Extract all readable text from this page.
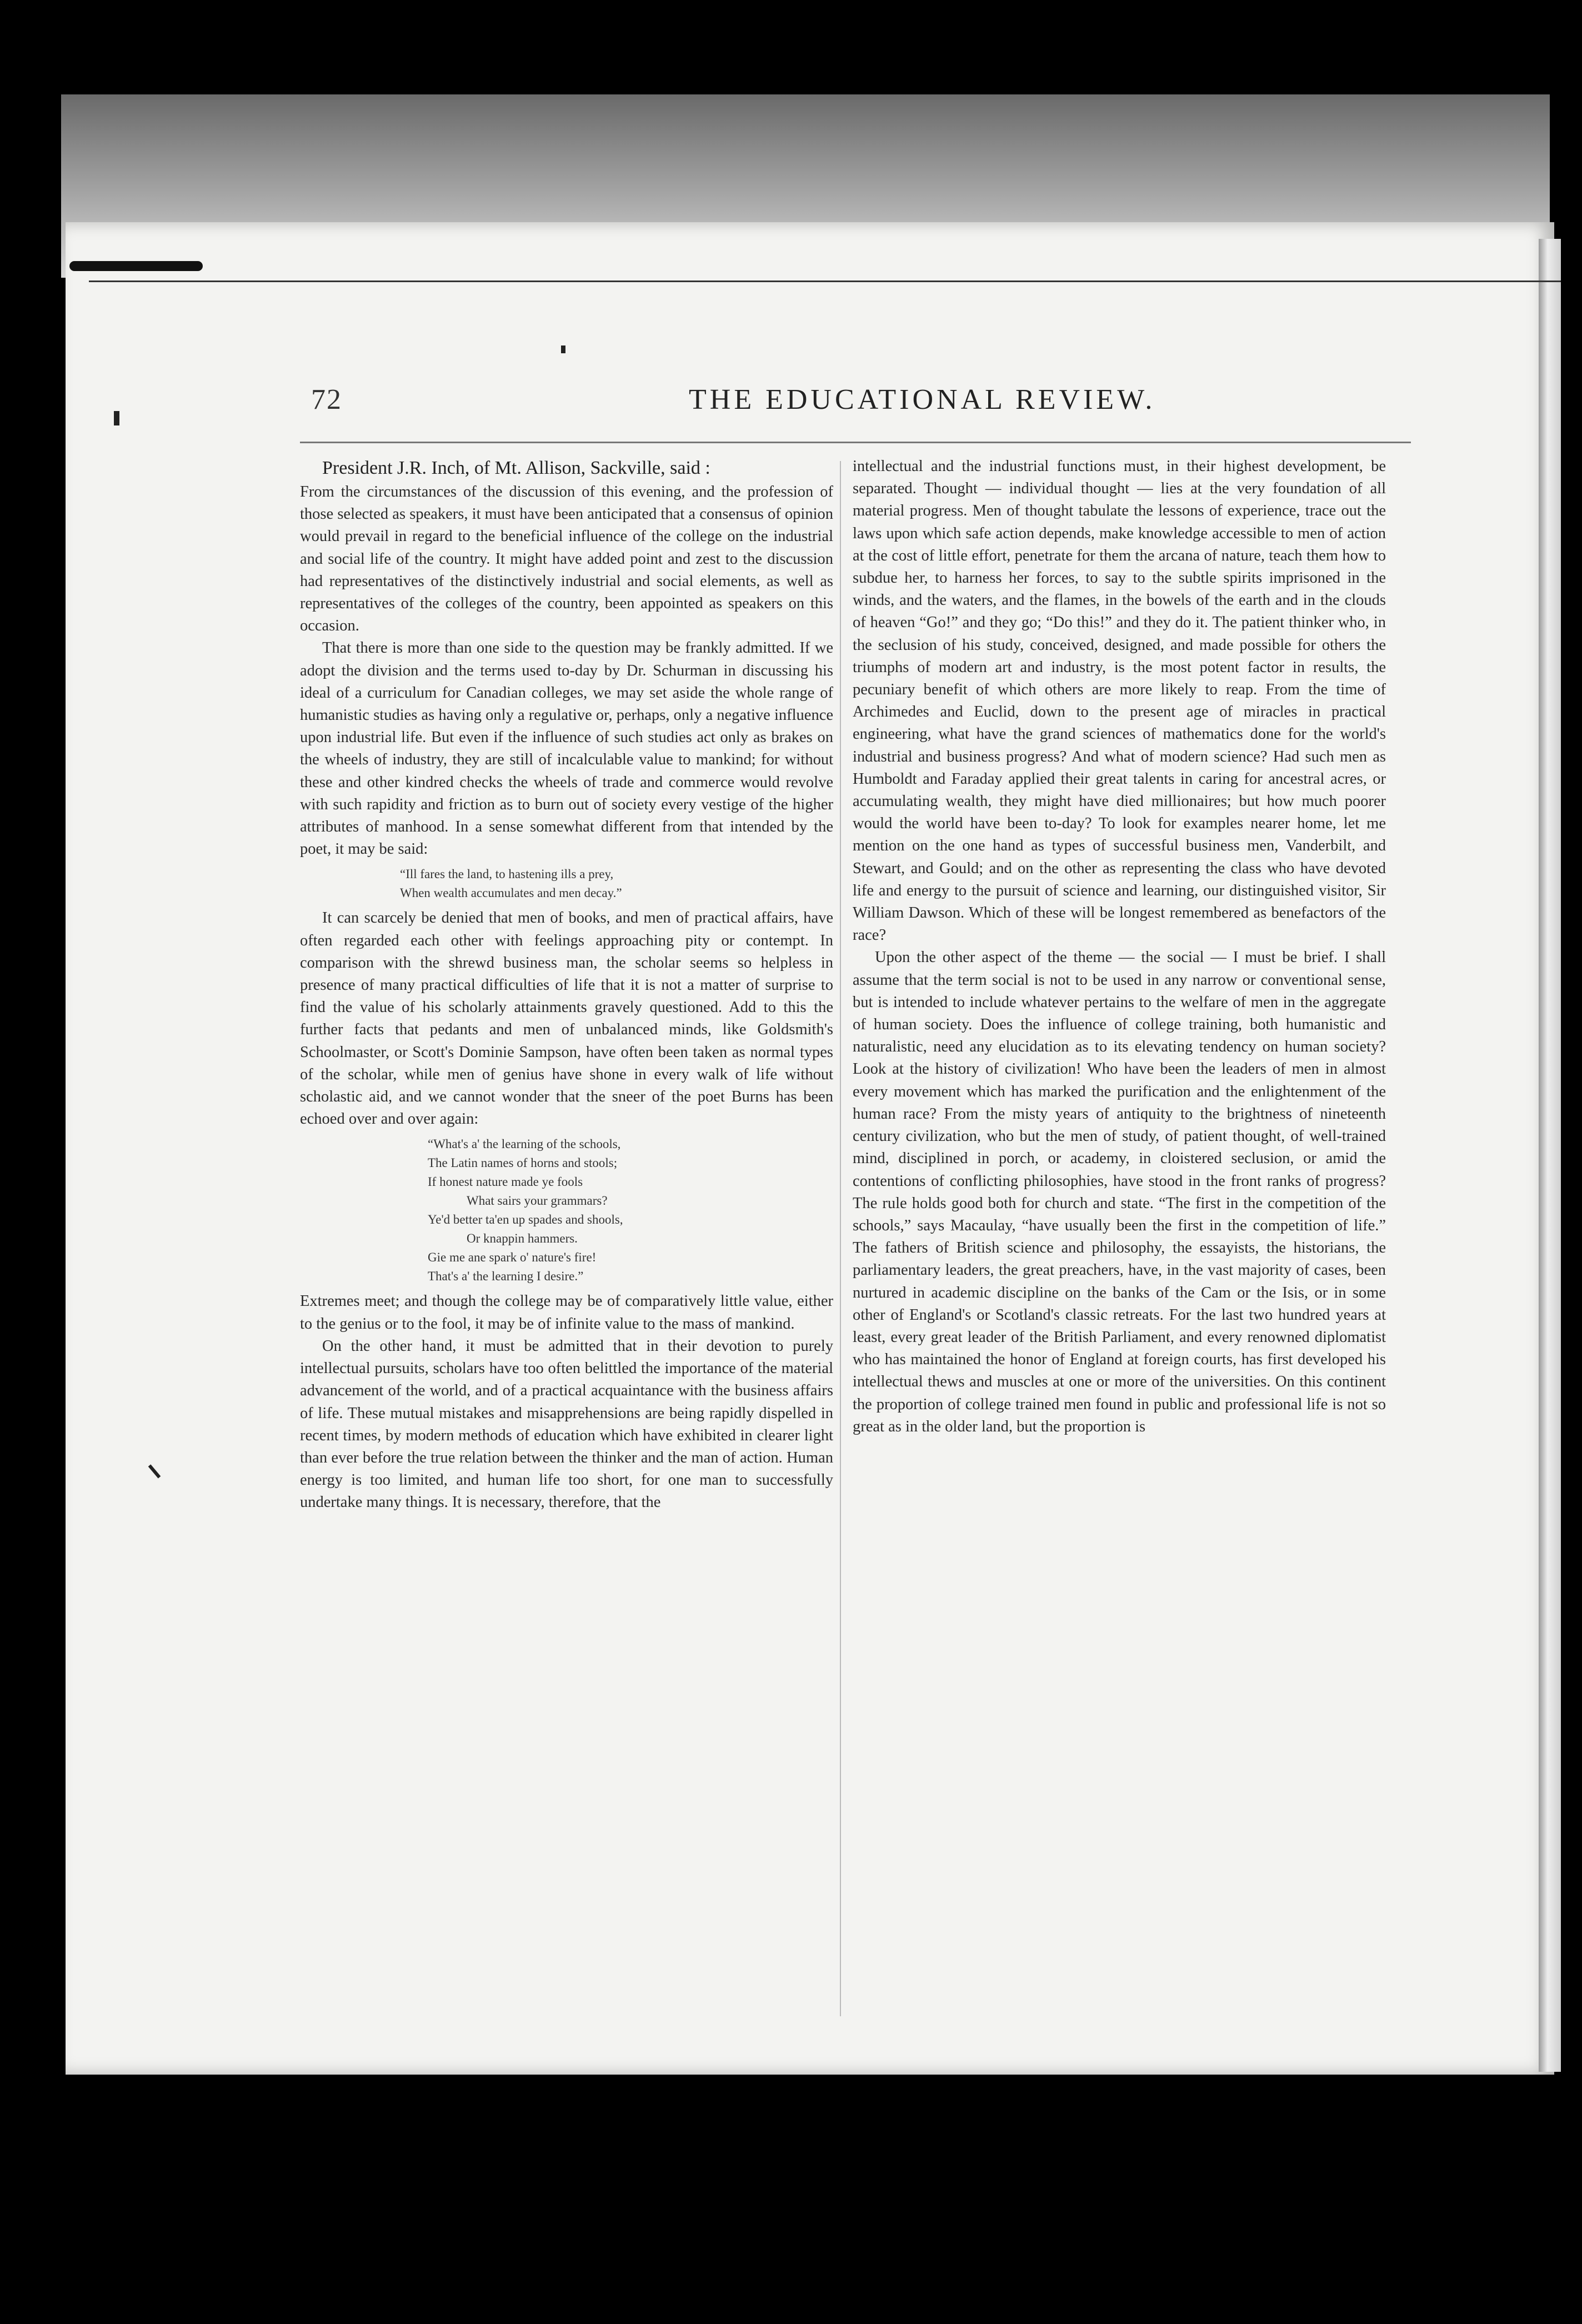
72	THE EDUCATIONAL REVIEW.

President J.R. Inch, of Mt. Allison, Sackville, said :

From the circumstances of the discussion of this evening, and the profession of those selected as speakers, it must have been anticipated that a consensus of opinion would prevail in regard to the beneficial influence of the college on the industrial and social life of the country. It might have added point and zest to the discussion had representatives of the distinctively industrial and social elements, as well as representatives of the colleges of the country, been appointed as speakers on this occasion.

That there is more than one side to the question may be frankly admitted. If we adopt the division and the terms used to-day by Dr. Schurman in discussing his ideal of a curriculum for Canadian colleges, we may set aside the whole range of humanistic studies as having only a regulative or, perhaps, only a negative influence upon industrial life. But even if the influence of such studies act only as brakes on the wheels of industry, they are still of incalculable value to mankind; for without these and other kindred checks the wheels of trade and commerce would revolve with such rapidity and friction as to burn out of society every vestige of the higher attributes of manhood. In a sense somewhat different from that intended by the poet, it may be said:

“Ill fares the land, to hastening ills a prey,
When wealth accumulates and men decay.”

It can scarcely be denied that men of books, and men of practical affairs, have often regarded each other with feelings approaching pity or contempt. In comparison with the shrewd business man, the scholar seems so helpless in presence of many practical difficulties of life that it is not a matter of surprise to find the value of his scholarly attainments gravely questioned. Add to this the further facts that pedants and men of unbalanced minds, like Goldsmith's Schoolmaster, or Scott's Dominie Sampson, have often been taken as normal types of the scholar, while men of genius have shone in every walk of life without scholastic aid, and we cannot wonder that the sneer of the poet Burns has been echoed over and over again:

“What's a' the learning of the schools,
The Latin names of horns and stools;
If honest nature made ye fools
What sairs your grammars?
Ye'd better ta'en up spades and shools,
Or knappin hammers.
Gie me ane spark o' nature's fire!
That's a' the learning I desire.”

Extremes meet; and though the college may be of comparatively little value, either to the genius or to the fool, it may be of infinite value to the mass of mankind.

On the other hand, it must be admitted that in their devotion to purely intellectual pursuits, scholars have too often belittled the importance of the material advancement of the world, and of a practical acquaintance with the business affairs of life. These mutual mistakes and misapprehensions are being rapidly dispelled in recent times, by modern methods of education which have exhibited in clearer light than ever before the true relation between the thinker and the man of action. Human energy is too limited, and human life too short, for one man to successfully undertake many things. It is necessary, therefore, that the

intellectual and the industrial functions must, in their highest development, be separated. Thought — individual thought — lies at the very foundation of all material progress. Men of thought tabulate the lessons of experience, trace out the laws upon which safe action depends, make knowledge accessible to men of action at the cost of little effort, penetrate for them the arcana of nature, teach them how to subdue her, to harness her forces, to say to the subtle spirits imprisoned in the winds, and the waters, and the flames, in the bowels of the earth and in the clouds of heaven “Go!” and they go; “Do this!” and they do it. The patient thinker who, in the seclusion of his study, conceived, designed, and made possible for others the triumphs of modern art and industry, is the most potent factor in results, the pecuniary benefit of which others are more likely to reap. From the time of Archimedes and Euclid, down to the present age of miracles in practical engineering, what have the grand sciences of mathematics done for the world's industrial and business progress? And what of modern science? Had such men as Humboldt and Faraday applied their great talents in caring for ancestral acres, or accumulating wealth, they might have died millionaires; but how much poorer would the world have been to-day? To look for examples nearer home, let me mention on the one hand as types of successful business men, Vanderbilt, and Stewart, and Gould; and on the other as representing the class who have devoted life and energy to the pursuit of science and learning, our distinguished visitor, Sir William Dawson. Which of these will be longest remembered as benefactors of the race?

Upon the other aspect of the theme — the social — I must be brief. I shall assume that the term social is not to be used in any narrow or conventional sense, but is intended to include whatever pertains to the welfare of men in the aggregate of human society. Does the influence of college training, both humanistic and naturalistic, need any elucidation as to its elevating tendency on human society? Look at the history of civilization! Who have been the leaders of men in almost every movement which has marked the purification and the enlightenment of the human race? From the misty years of antiquity to the brightness of nineteenth century civilization, who but the men of study, of patient thought, of well-trained mind, disciplined in porch, or academy, in cloistered seclusion, or amid the contentions of conflicting philosophies, have stood in the front ranks of progress? The rule holds good both for church and state. “The first in the competition of the schools,” says Macaulay, “have usually been the first in the competition of life.” The fathers of British science and philosophy, the essayists, the historians, the parliamentary leaders, the great preachers, have, in the vast majority of cases, been nurtured in academic discipline on the banks of the Cam or the Isis, or in some other of England's or Scotland's classic retreats. For the last two hundred years at least, every great leader of the British Parliament, and every renowned diplomatist who has maintained the honor of England at foreign courts, has first developed his intellectual thews and muscles at one or more of the universities. On this continent the proportion of college trained men found in public and professional life is not so great as in the older land, but the proportion is
